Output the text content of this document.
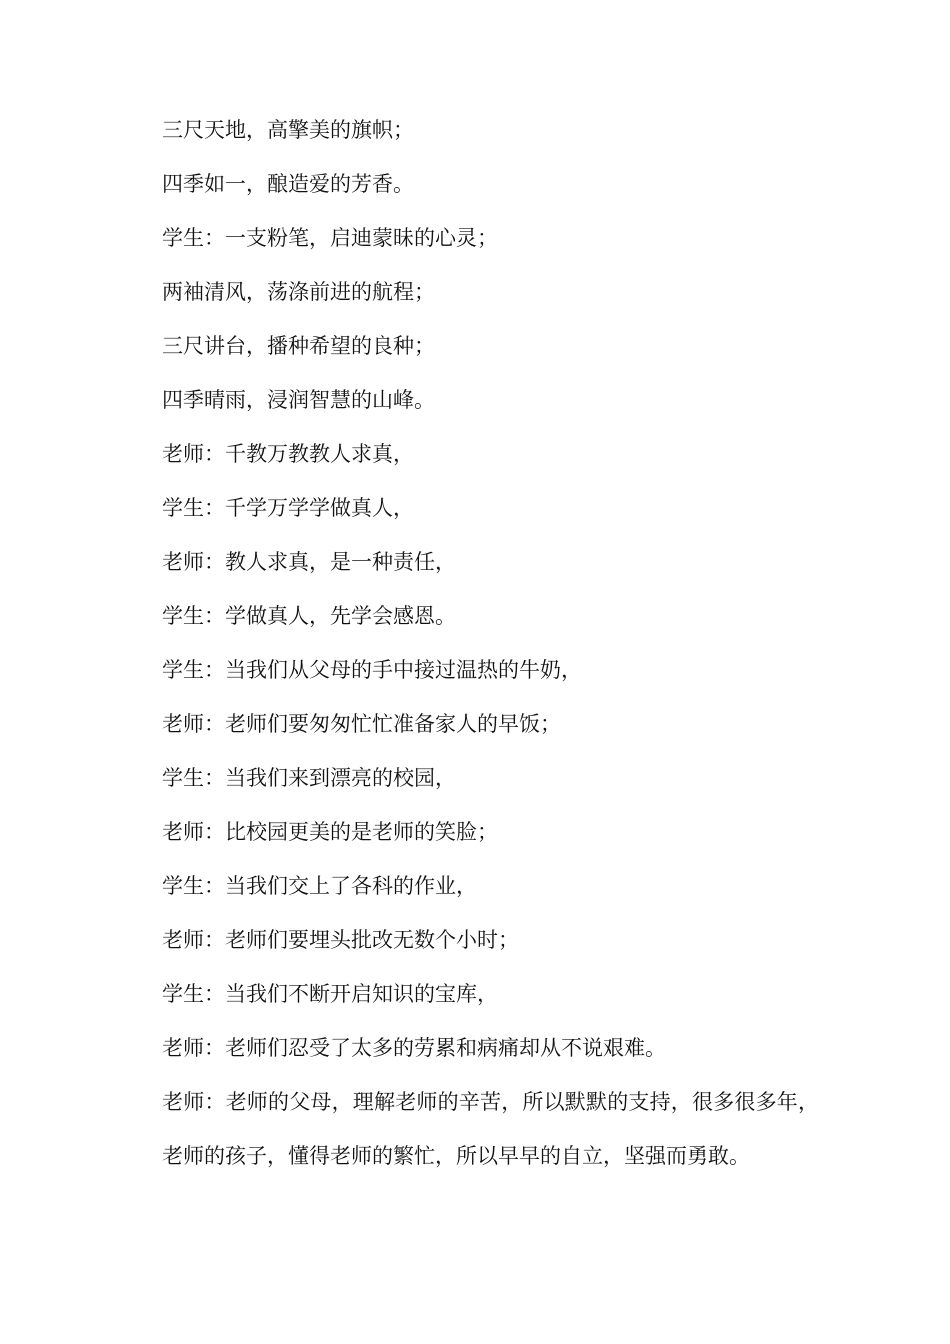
三尺天地，高擎美的旗帜；

四季如一，酿造爱的芳香。

学生：一支粉笔，启迪蒙昧的心灵；

两袖清风，荡涤前进的航程；

三尺讲台，播种希望的良种；

四季晴雨，浸润智慧的山峰。

老师：千教万教教人求真，

学生：千学万学学做真人，

老师：教人求真，是一种责任，

学生：学做真人，先学会感恩。

学生：当我们从父母的手中接过温热的牛奶，

老师：老师们要匆匆忙忙准备家人的早饭；

学生：当我们来到漂亮的校园，

老师：比校园更美的是老师的笑脸；

学生：当我们交上了各科的作业，

老师：老师们要埋头批改无数个小时；

学生：当我们不断开启知识的宝库，

老师：老师们忍受了太多的劳累和病痛却从不说艰难。

老师：老师的父母，理解老师的辛苦，所以默默的支持，很多很多年，

老师的孩子，懂得老师的繁忙，所以早早的自立，坚强而勇敢。
